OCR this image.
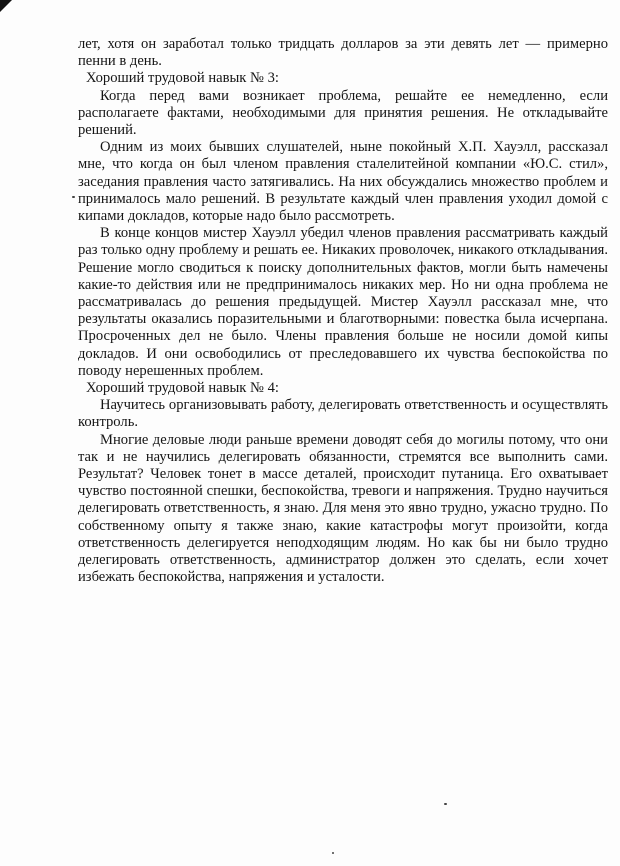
лет, хотя он заработал только тридцать долларов за эти девять лет — примерно пенни в день.

Хороший трудовой навык № 3:

Когда перед вами возникает проблема, решайте ее немедленно, если располагаете фактами, необходимыми для принятия решения. Не откладывайте решений.

Одним из моих бывших слушателей, ныне покойный Х.П. Хауэлл, рассказал мне, что когда он был членом правления сталелитейной компании «Ю.С. стил», заседания правления часто затягивались. На них обсуждались множество проблем и принималось мало решений. В результате каждый член правления уходил домой с кипами докладов, которые надо было рассмотреть.

В конце концов мистер Хауэлл убедил членов правления рассматривать каждый раз только одну проблему и решать ее. Никаких проволочек, никакого откладывания. Решение могло сводиться к поиску дополнительных фактов, могли быть намечены какие-то действия или не предпринималось никаких мер. Но ни одна проблема не рассматривалась до решения предыдущей. Мистер Хауэлл рассказал мне, что результаты оказались поразительными и благотворными: повестка была исчерпана. Просроченных дел не было. Члены правления больше не носили домой кипы докладов. И они освободились от преследовавшего их чувства беспокойства по поводу нерешенных проблем.

Хороший трудовой навык № 4:

Научитесь организовывать работу, делегировать ответственность и осуществлять контроль.

Многие деловые люди раньше времени доводят себя до могилы потому, что они так и не научились делегировать обязанности, стремятся все выполнить сами. Результат? Человек тонет в массе деталей, происходит путаница. Его охватывает чувство постоянной спешки, беспокойства, тревоги и напряжения. Трудно научиться делегировать ответственность, я знаю. Для меня это явно трудно, ужасно трудно. По собственному опыту я также знаю, какие катастрофы могут произойти, когда ответственность делегируется неподходящим людям. Но как бы ни было трудно делегировать ответственность, администратор должен это сделать, если хочет избежать беспокойства, напряжения и усталости.
